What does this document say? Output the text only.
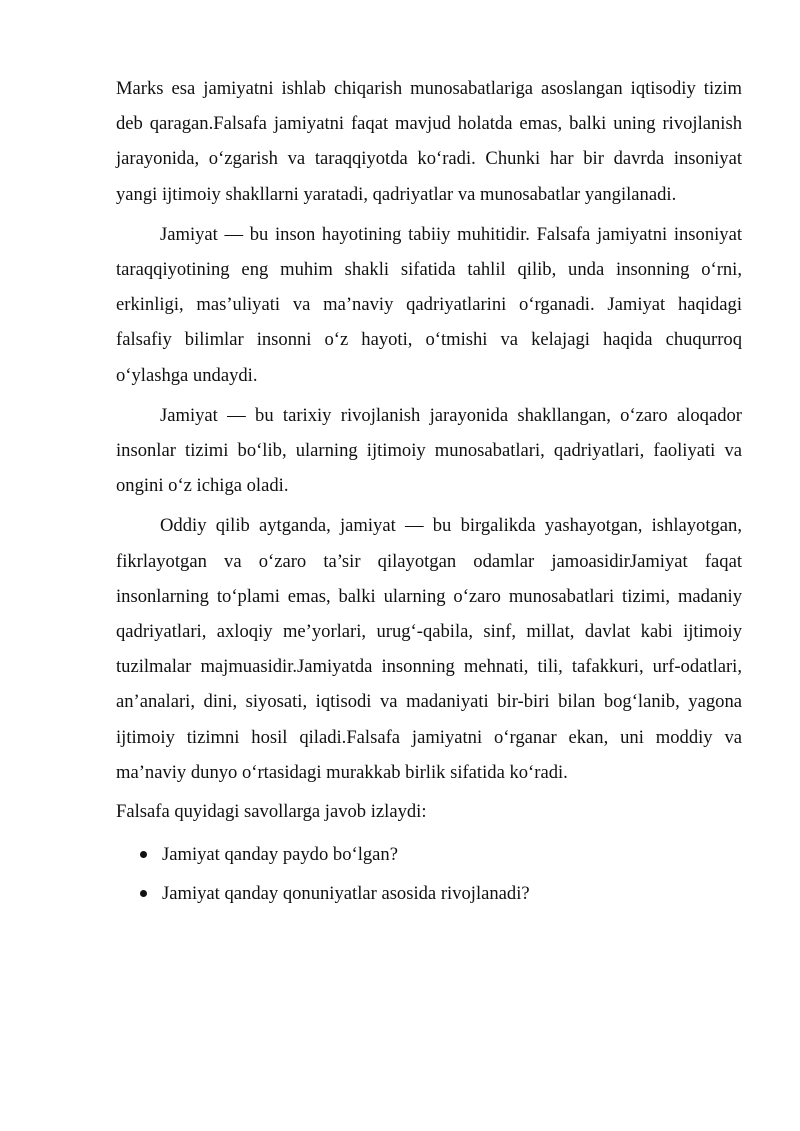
Marks esa jamiyatni ishlab chiqarish munosabatlariga asoslangan iqtisodiy tizim deb qaragan.Falsafa jamiyatni faqat mavjud holatda emas, balki uning rivojlanish jarayonida, o‘zgarish va taraqqiyotda ko‘radi. Chunki har bir davrda insoniyat yangi ijtimoiy shakllarni yaratadi, qadriyatlar va munosabatlar yangilanadi.

Jamiyat — bu inson hayotining tabiiy muhitidir. Falsafa jamiyatni insoniyat taraqqiyotining eng muhim shakli sifatida tahlil qilib, unda insonning o‘rni, erkinligi, mas’uliyati va ma’naviy qadriyatlarini o‘rganadi. Jamiyat haqidagi falsafiy bilimlar insonni o‘z hayoti, o‘tmishi va kelajagi haqida chuqurroq o‘ylashga undaydi.

Jamiyat — bu tarixiy rivojlanish jarayonida shakllangan, o‘zaro aloqador insonlar tizimi bo‘lib, ularning ijtimoiy munosabatlari, qadriyatlari, faoliyati va ongini o‘z ichiga oladi.

Oddiy qilib aytganda, jamiyat — bu birgalikda yashayotgan, ishlayotgan, fikrlayotgan va o‘zaro ta’sir qilayotgan odamlar jamoasidirJamiyat faqat insonlarning to‘plami emas, balki ularning o‘zaro munosabatlari tizimi, madaniy qadriyatlari, axloqiy me’yorlari, urug‘-qabila, sinf, millat, davlat kabi ijtimoiy tuzilmalar majmuasidir.Jamiyatda insonning mehnati, tili, tafakkuri, urf-odatlari, an’analari, dini, siyosati, iqtisodi va madaniyati bir-biri bilan bog‘lanib, yagona ijtimoiy tizimni hosil qiladi.Falsafa jamiyatni o‘rganar ekan, uni moddiy va ma’naviy dunyo o‘rtasidagi murakkab birlik sifatida ko‘radi.

Falsafa quyidagi savollarga javob izlaydi:

Jamiyat qanday paydo bo‘lgan?
Jamiyat qanday qonuniyatlar asosida rivojlanadi?
